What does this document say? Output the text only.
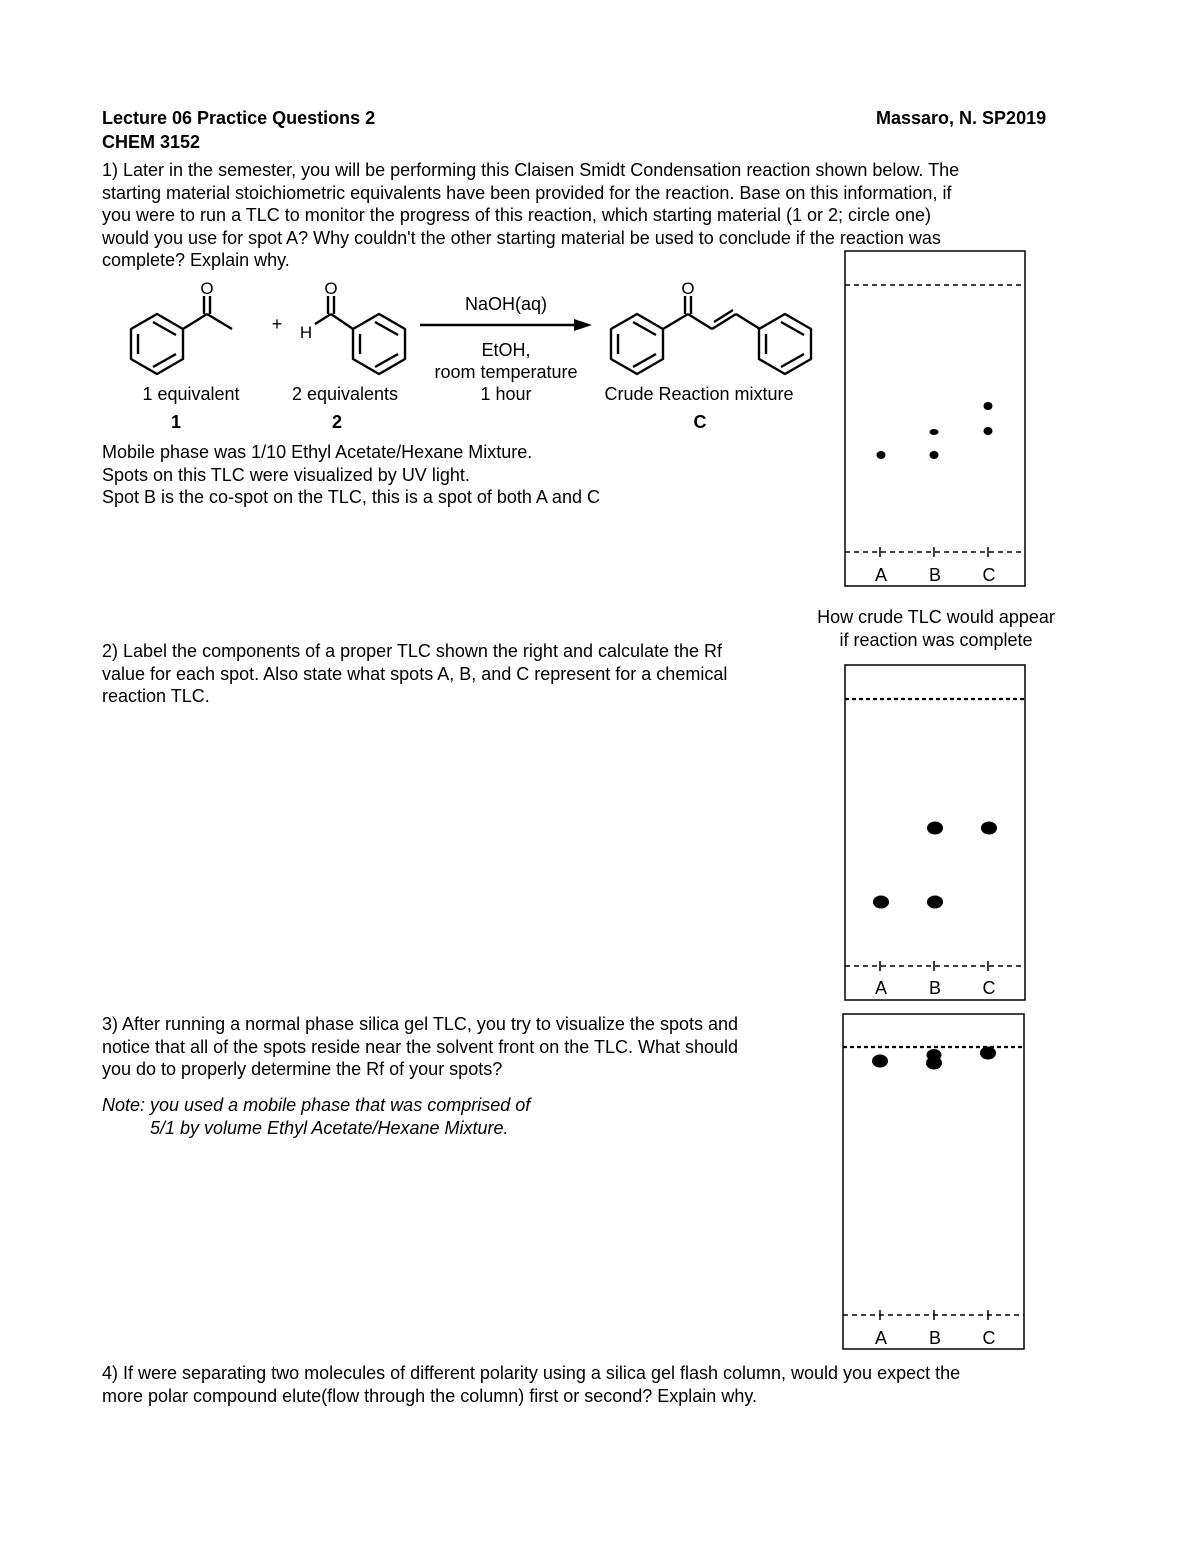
Lecture 06 Practice Questions 2
CHEM 3152
Massaro, N. SP2019
1) Later in the semester, you will be performing this Claisen Smidt Condensation reaction shown below. The
starting material stoichiometric equivalents have been provided for the reaction. Base on this information, if
you were to run a TLC to monitor the progress of this reaction, which starting material (1 or 2; circle one)
would you use for spot A? Why couldn't the other starting material be used to conclude if the reaction was
complete? Explain why.
O	O
H
O
+
NaOH(aq)
EtOH,
room temperature
1 hour
1 equivalent	2 equivalents	Crude Reaction mixture
1	2	C
Mobile phase was 1/10 Ethyl Acetate/Hexane Mixture.
Spots on this TLC were visualized by UV light.
Spot B is the co-spot on the TLC, this is a spot of both A and C
A B C
How crude TLC would appear
if reaction was complete
2) Label the components of a proper TLC shown the right and calculate the Rf
value for each spot. Also state what spots A, B, and C represent for a chemical
reaction TLC.
A B C
3) After running a normal phase silica gel TLC, you try to visualize the spots and
notice that all of the spots reside near the solvent front on the TLC. What should
you do to properly determine the Rf of your spots?
Note: you used a mobile phase that was comprised of
5/1 by volume Ethyl Acetate/Hexane Mixture.
A B C
4) If were separating two molecules of different polarity using a silica gel flash column, would you expect the
more polar compound elute(flow through the column) first or second? Explain why.
